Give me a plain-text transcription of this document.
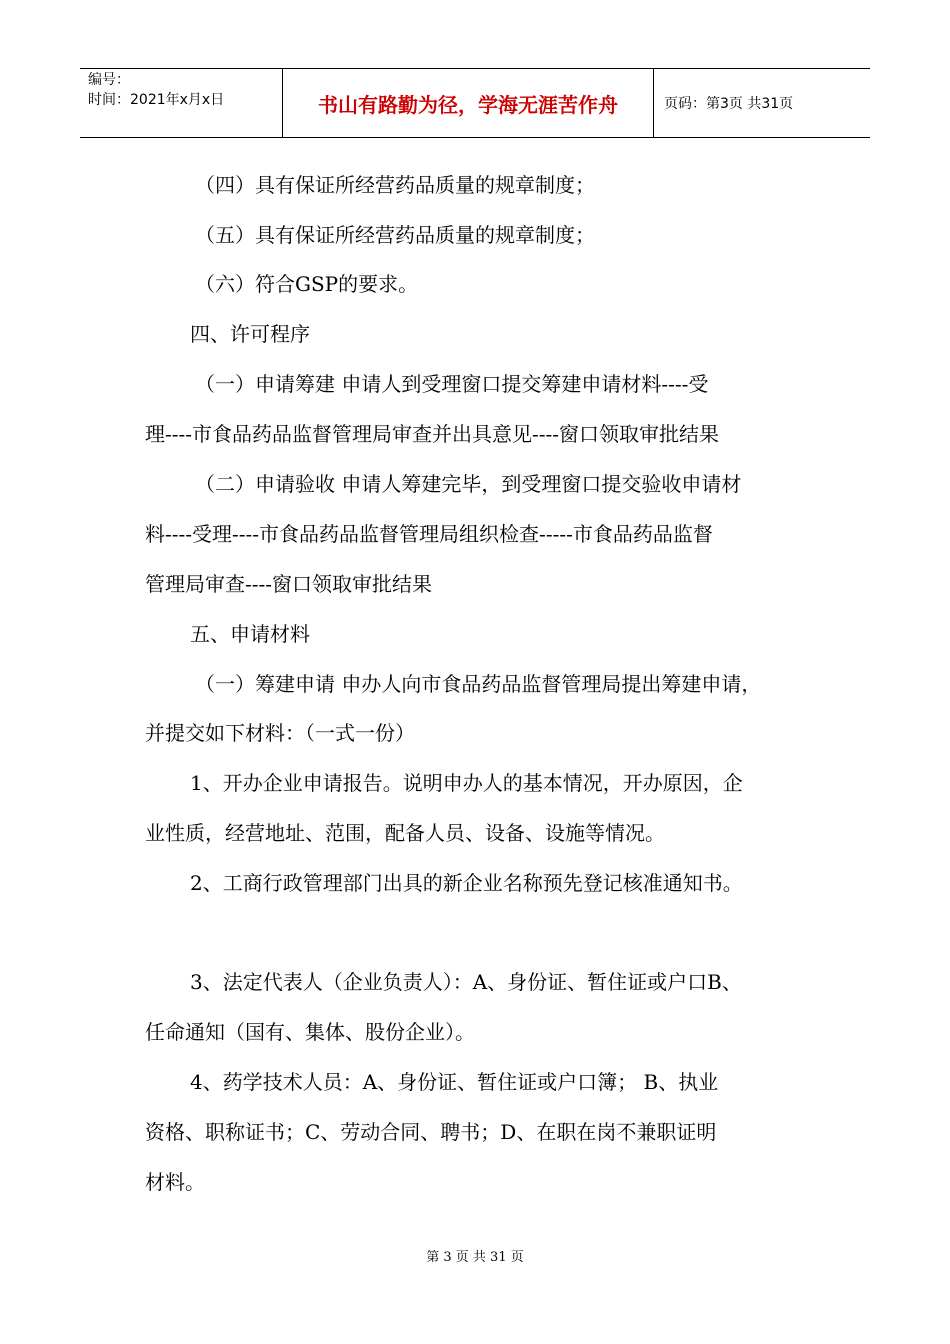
编号：
时间：2021年x月x日	书山有路勤为径，学海无涯苦作舟	页码：第3页 共31页
（四）具有保证所经营药品质量的规章制度；
（五）具有保证所经营药品质量的规章制度；
（六）符合GSP的要求。
四、许可程序
（一）申请筹建 申请人到受理窗口提交筹建申请材料----受
理----市食品药品监督管理局审查并出具意见----窗口领取审批结果
（二）申请验收 申请人筹建完毕，到受理窗口提交验收申请材
料----受理----市食品药品监督管理局组织检查-----市食品药品监督
管理局审查----窗口领取审批结果
五、申请材料
（一）筹建申请 申办人向市食品药品监督管理局提出筹建申请，
并提交如下材料：（一式一份）
1、开办企业申请报告。说明申办人的基本情况，开办原因，企
业性质，经营地址、范围，配备人员、设备、设施等情况。
2、工商行政管理部门出具的新企业名称预先登记核准通知书。
3、法定代表人（企业负责人）：A、身份证、暂住证或户口B、
任命通知（国有、集体、股份企业）。
4、药学技术人员：A、身份证、暂住证或户口簿； B、执业
资格、职称证书；C、劳动合同、聘书；D、在职在岗不兼职证明
材料。
第 3 页 共 31 页
